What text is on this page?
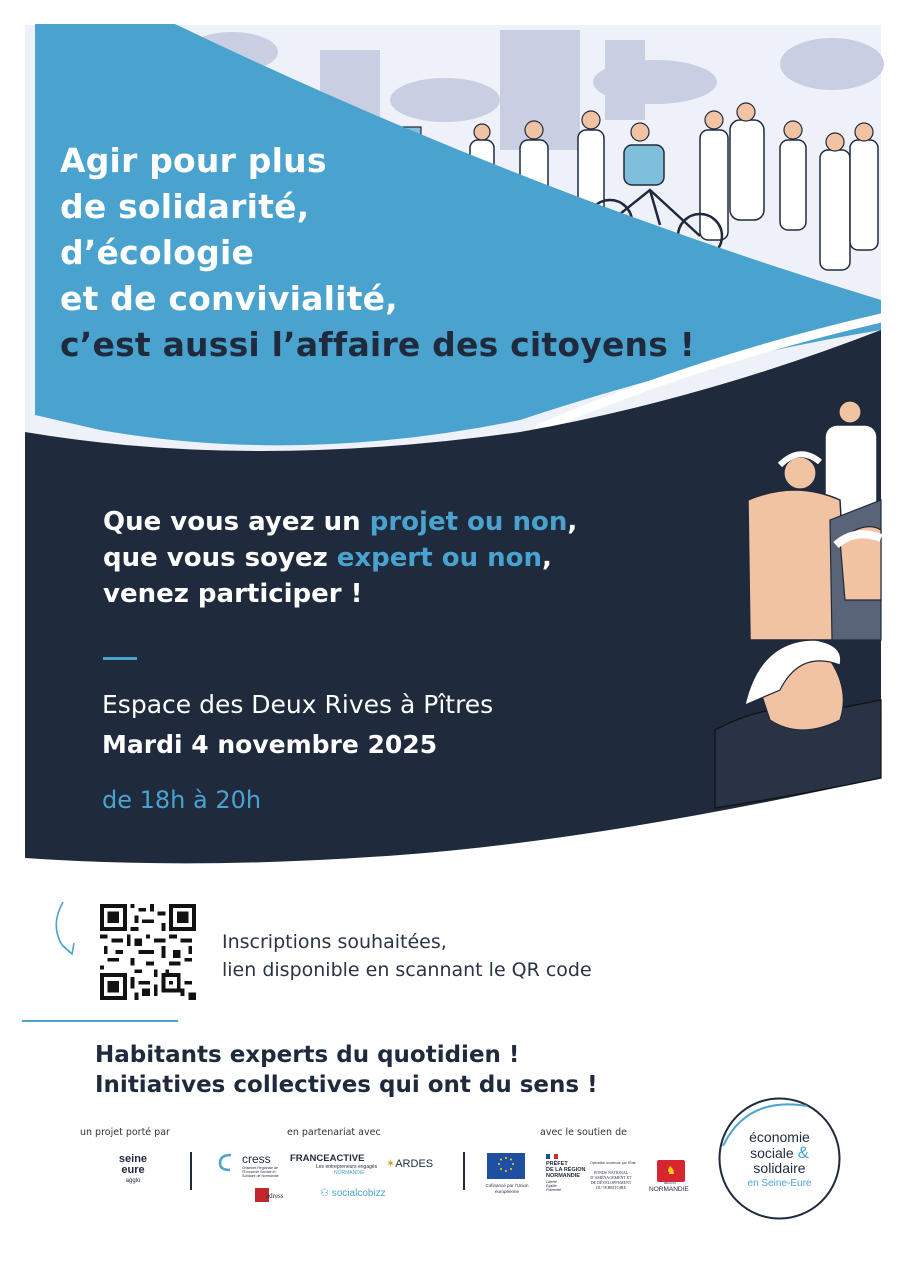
Agir pour plus
de solidarité,
d’écologie
et de convivialité,
c’est aussi l’affaire des citoyens !
Que vous ayez un projet ou non,
que vous soyez expert ou non,
venez participer !
Espace des Deux Rives à Pîtres
Mardi 4 novembre 2025
de 18h à 20h
Inscriptions souhaitées,
lien disponible en scannant le QR code
Habitants experts du quotidien !
Initiatives collectives qui ont du sens !
un projet porté par	en partenariat avec	avec le soutien de
seine
eure
agglo
cress
Chambre Régionale de l’Économie Sociale et Solidaire de Normandie
FRANCEACTIVE
Les entrepreneurs engagés
NORMANDIE
✶ARDES
adress	⚇ socialcobizz
Cofinancé par l’Union européenne
PRÉFET
DE LA RÉGION
NORMANDIE
Liberté
Égalité
Fraternité
Opération soutenue par l’État
FONDS NATIONAL D’AMÉNAGEMENT ET DE DÉVELOPPEMENT DU TERRITOIRE
♞
RÉGION
NORMANDIE
économie
sociale &
solidaire
en Seine-Eure
